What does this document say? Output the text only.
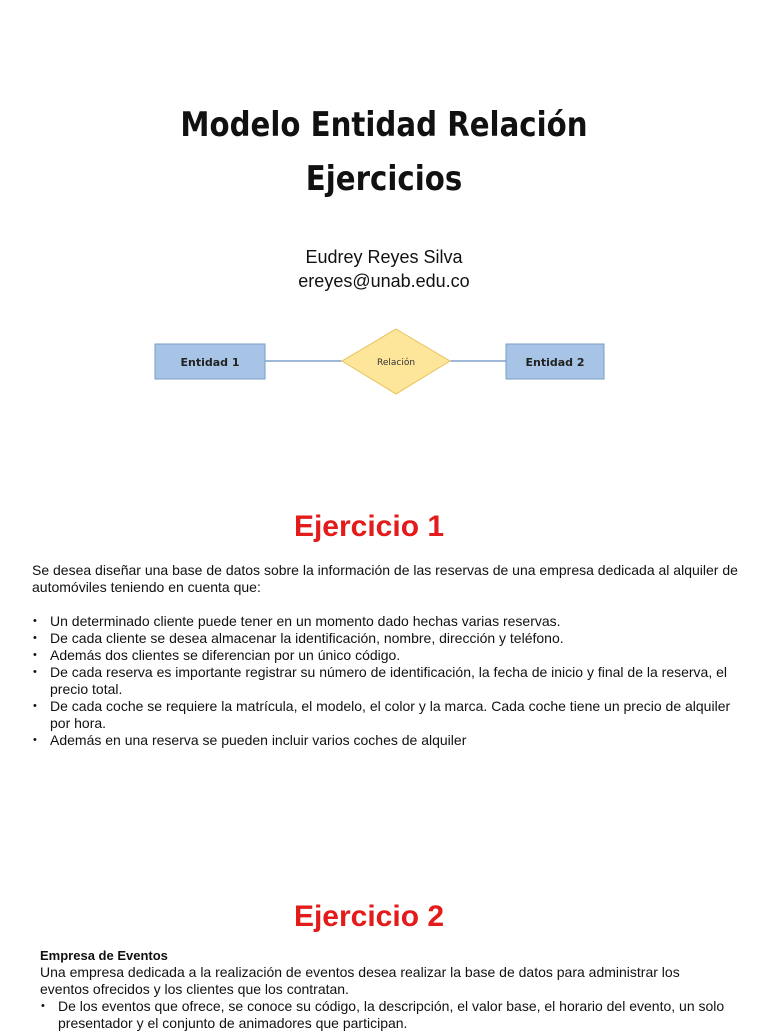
Modelo Entidad Relación
Ejercicios
Eudrey Reyes Silva
ereyes@unab.edu.co
Entidad 1	Relación	Entidad 2
Ejercicio 1

Se desea diseñar una base de datos sobre la información de las reservas de una empresa dedicada al alquiler de automóviles teniendo en cuenta que:

• Un determinado cliente puede tener en un momento dado hechas varias reservas.
• De cada cliente se desea almacenar la identificación, nombre, dirección y teléfono.
• Además dos clientes se diferencian por un único código.
• De cada reserva es importante registrar su número de identificación, la fecha de inicio y final de la reserva, el precio total.
• De cada coche se requiere la matrícula, el modelo, el color y la marca. Cada coche tiene un precio de alquiler por hora.
• Además en una reserva se pueden incluir varios coches de alquiler
Ejercicio 2
Empresa de Eventos
Una empresa dedicada a la realización de eventos desea realizar la base de datos para administrar los eventos ofrecidos y los clientes que los contratan.
• De los eventos que ofrece, se conoce su código, la descripción, el valor base, el horario del evento, un solo presentador y el conjunto de animadores que participan.
